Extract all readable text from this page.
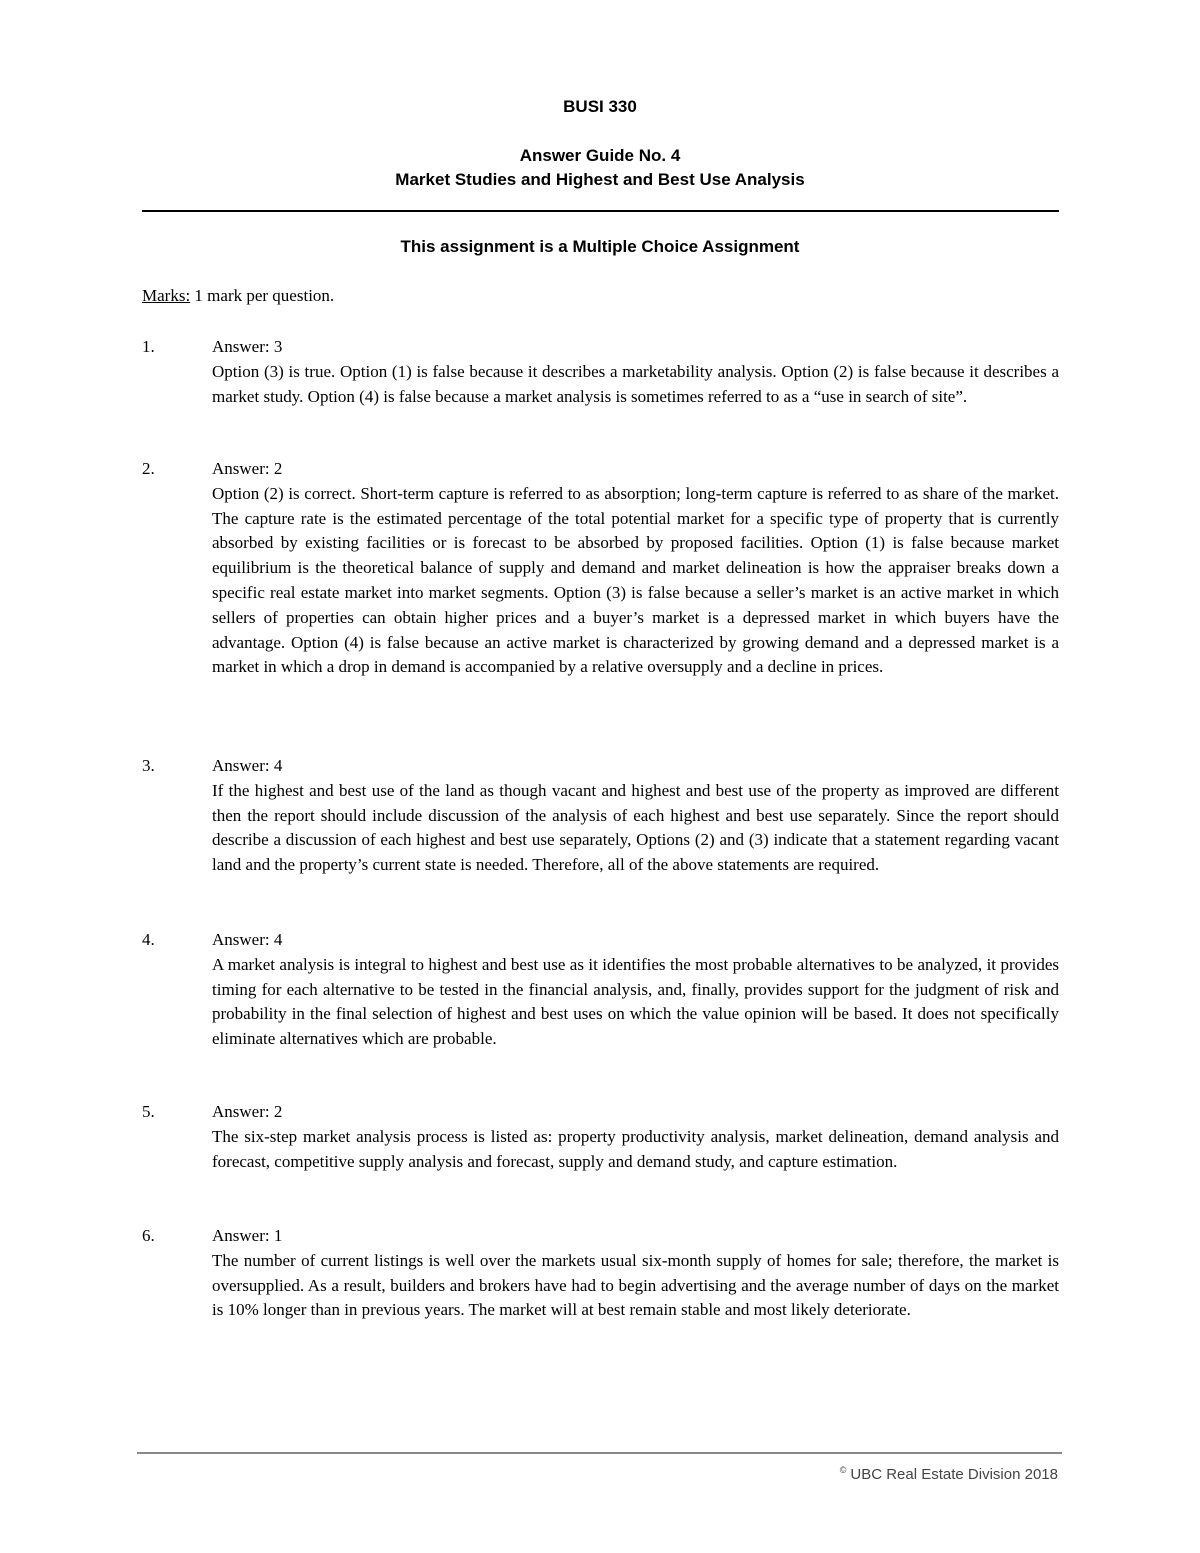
BUSI 330
Answer Guide No. 4
Market Studies and Highest and Best Use Analysis
This assignment is a Multiple Choice Assignment
Marks: 1 mark per question.
1.	Answer: 3
Option (3) is true. Option (1) is false because it describes a marketability analysis. Option (2) is false because it describes a market study. Option (4) is false because a market analysis is sometimes referred to as a “use in search of site”.
2.	Answer: 2
Option (2) is correct. Short-term capture is referred to as absorption; long-term capture is referred to as share of the market. The capture rate is the estimated percentage of the total potential market for a specific type of property that is currently absorbed by existing facilities or is forecast to be absorbed by proposed facilities. Option (1) is false because market equilibrium is the theoretical balance of supply and demand and market delineation is how the appraiser breaks down a specific real estate market into market segments. Option (3) is false because a seller’s market is an active market in which sellers of properties can obtain higher prices and a buyer’s market is a depressed market in which buyers have the advantage. Option (4) is false because an active market is characterized by growing demand and a depressed market is a market in which a drop in demand is accompanied by a relative oversupply and a decline in prices.
3.	Answer: 4
If the highest and best use of the land as though vacant and highest and best use of the property as improved are different then the report should include discussion of the analysis of each highest and best use separately. Since the report should describe a discussion of each highest and best use separately, Options (2) and (3) indicate that a statement regarding vacant land and the property’s current state is needed. Therefore, all of the above statements are required.
4.	Answer: 4
A market analysis is integral to highest and best use as it identifies the most probable alternatives to be analyzed, it provides timing for each alternative to be tested in the financial analysis, and, finally, provides support for the judgment of risk and probability in the final selection of highest and best uses on which the value opinion will be based. It does not specifically eliminate alternatives which are probable.
5.	Answer: 2
The six-step market analysis process is listed as: property productivity analysis, market delineation, demand analysis and forecast, competitive supply analysis and forecast, supply and demand study, and capture estimation.
6.	Answer: 1
The number of current listings is well over the markets usual six-month supply of homes for sale; therefore, the market is oversupplied. As a result, builders and brokers have had to begin advertising and the average number of days on the market is 10% longer than in previous years. The market will at best remain stable and most likely deteriorate.
© UBC Real Estate Division 2018
